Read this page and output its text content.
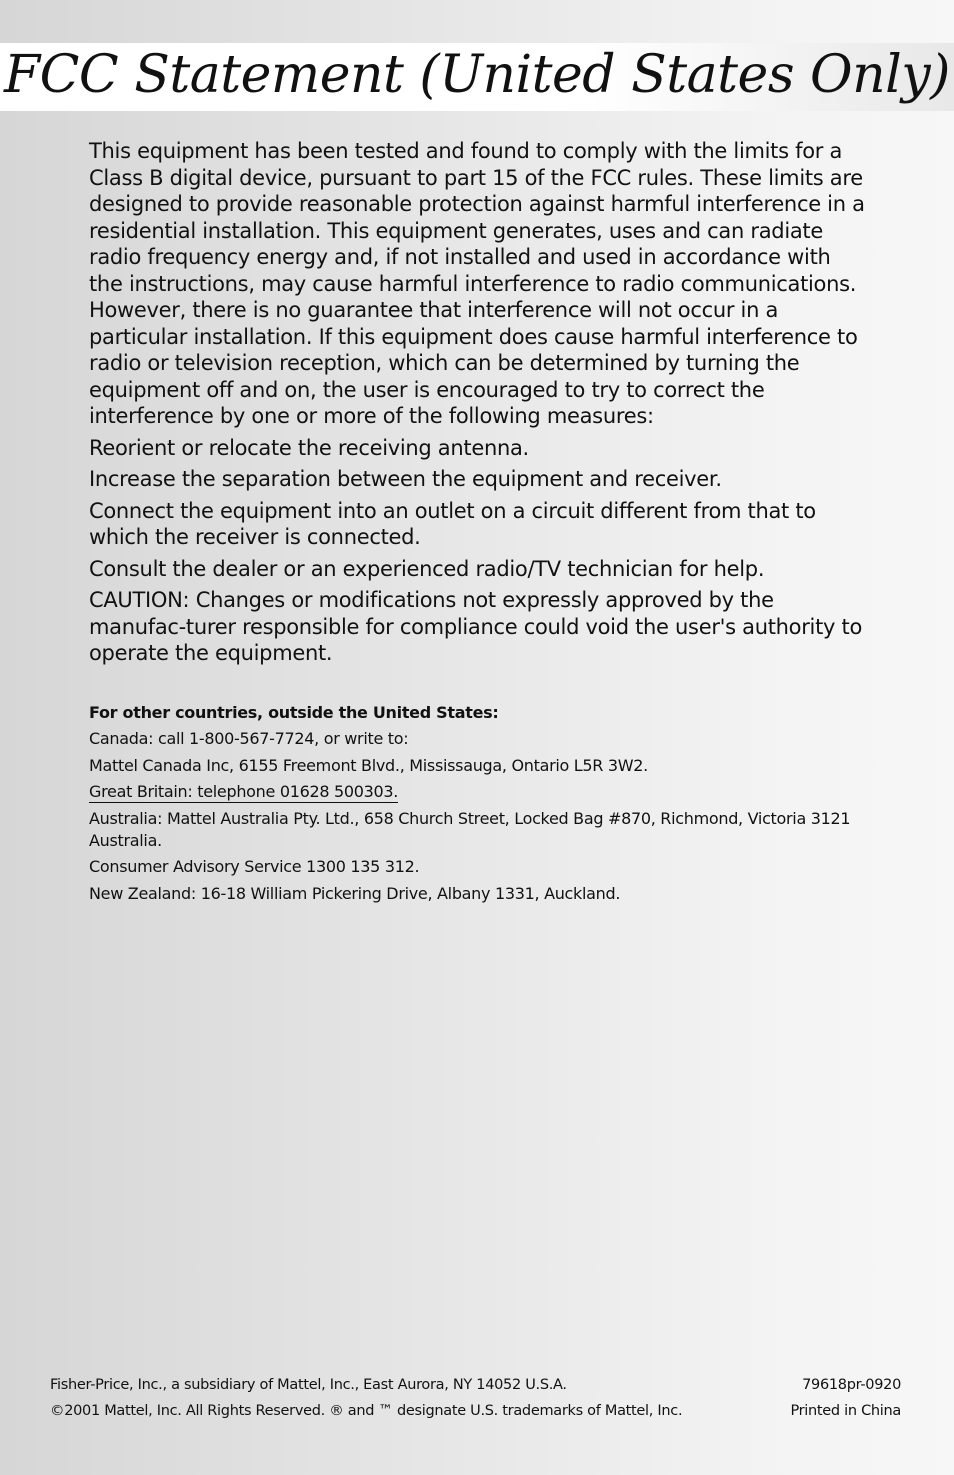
FCC Statement (United States Only)

This equipment has been tested and found to comply with the limits for a Class B digital device, pursuant to part 15 of the FCC rules. These limits are designed to provide reasonable protection against harmful interference in a residential installation. This equipment generates, uses and can radiate radio frequency energy and, if not installed and used in accordance with the instructions, may cause harmful interference to radio communications. However, there is no guarantee that interference will not occur in a particular installation. If this equipment does cause harmful interference to radio or television reception, which can be determined by turning the equipment off and on, the user is encouraged to try to correct the interference by one or more of the following measures:

Reorient or relocate the receiving antenna.

Increase the separation between the equipment and receiver.

Connect the equipment into an outlet on a circuit different from that to which the receiver is connected.

Consult the dealer or an experienced radio/TV technician for help.

CAUTION: Changes or modifications not expressly approved by the manufac-turer responsible for compliance could void the user's authority to operate the equipment.

For other countries, outside the United States:

Canada: call 1-800-567-7724, or write to:

Mattel Canada Inc, 6155 Freemont Blvd., Mississauga, Ontario L5R 3W2.

Great Britain: telephone 01628 500303.

Australia: Mattel Australia Pty. Ltd., 658 Church Street, Locked Bag #870, Richmond, Victoria 3121 Australia.

Consumer Advisory Service 1300 135 312.

New Zealand: 16-18 William Pickering Drive, Albany 1331, Auckland.

Fisher-Price, Inc., a subsidiary of Mattel, Inc., East Aurora, NY 14052 U.S.A.	79618pr-0920
©2001 Mattel, Inc. All Rights Reserved. ® and ™ designate U.S. trademarks of Mattel, Inc.	Printed in China
